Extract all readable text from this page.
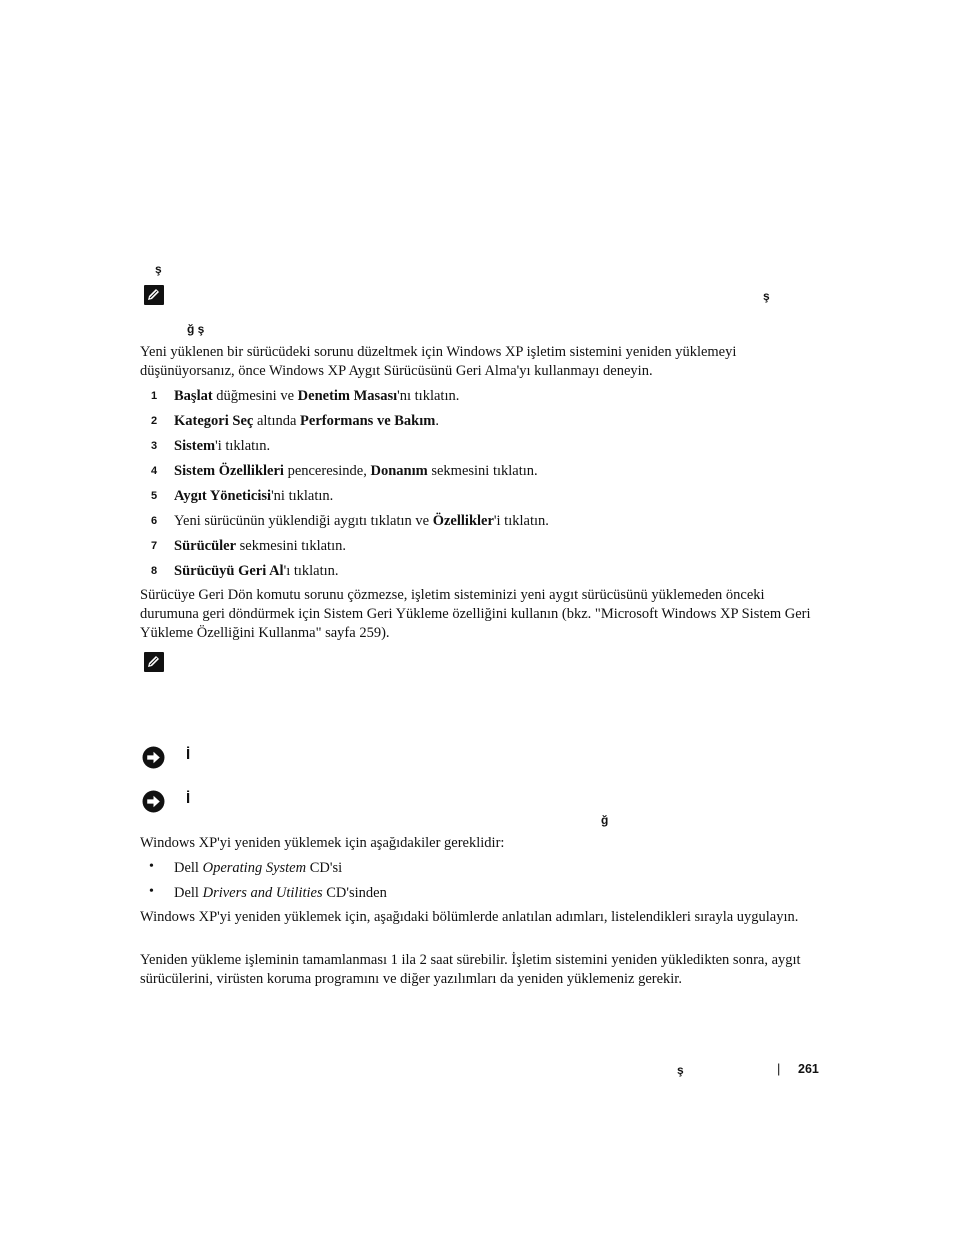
ş
ş
ğ ş
Yeni yüklenen bir sürücüdeki sorunu düzeltmek için Windows XP işletim sistemini yeniden yüklemeyi düşünüyorsanız, önce Windows XP Aygıt Sürücüsünü Geri Alma'yı kullanmayı deneyin.
1	Başlat düğmesini ve Denetim Masası'nı tıklatın.
2	Kategori Seç altında Performans ve Bakım.
3	Sistem'i tıklatın.
4	Sistem Özellikleri penceresinde, Donanım sekmesini tıklatın.
5	Aygıt Yöneticisi'ni tıklatın.
6	Yeni sürücünün yüklendiği aygıtı tıklatın ve Özellikler'i tıklatın.
7	Sürücüler sekmesini tıklatın.
8	Sürücüyü Geri Al'ı tıklatın.
Sürücüye Geri Dön komutu sorunu çözmezse, işletim sisteminizi yeni aygıt sürücüsünü yüklemeden önceki durumuna geri döndürmek için Sistem Geri Yükleme özelliğini kullanın (bkz. "Microsoft Windows XP Sistem Geri Yükleme Özelliğini Kullanma" sayfa 259).
İ
İ
ğ
Windows XP'yi yeniden yüklemek için aşağıdakiler gereklidir:
• Dell Operating System CD'si
• Dell Drivers and Utilities CD'sinden
Windows XP'yi yeniden yüklemek için, aşağıdaki bölümlerde anlatılan adımları, listelendikleri sırayla uygulayın.
Yeniden yükleme işleminin tamamlanması 1 ila 2 saat sürebilir. İşletim sistemini yeniden yükledikten sonra, aygıt sürücülerini, virüsten koruma programını ve diğer yazılımları da yeniden yüklemeniz gerekir.
ş	| 261
